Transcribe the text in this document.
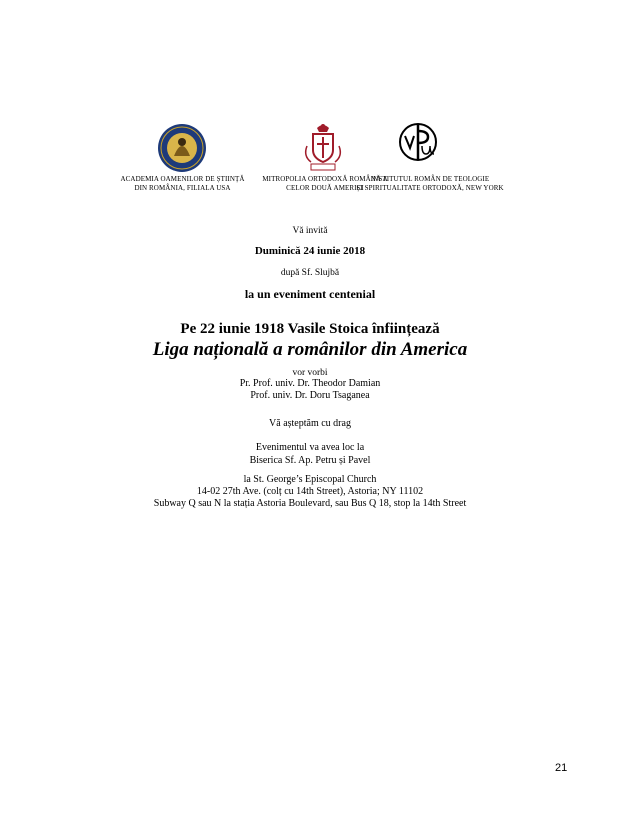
ACADEMIA OAMENILOR DE ȘTIINȚĂ
DIN ROMÂNIA, FILIALA USA
MITROPOLIA ORTODOXĂ ROMÂNĂ A
CELOR DOUĂ AMERICI
INSTITUTUL ROMÂN DE TEOLOGIE
ȘI SPIRITUALITATE ORTODOXĂ, NEW YORK
Vă invită
Duminică 24 iunie 2018
după Sf. Slujbă
la un eveniment centenial
Pe 22 iunie 1918 Vasile Stoica înființează
Liga națională a românilor din America
vor vorbi
Pr. Prof. univ. Dr. Theodor Damian
Prof. univ. Dr. Doru Tsaganea
Vă așteptăm cu drag
Evenimentul va avea loc la
Biserica Sf. Ap. Petru și Pavel
la St. George’s Episcopal Church
14-02 27th Ave. (colț cu 14th Street), Astoria; NY 11102
Subway Q sau N la stația Astoria Boulevard, sau Bus Q 18, stop la 14th Street
21
